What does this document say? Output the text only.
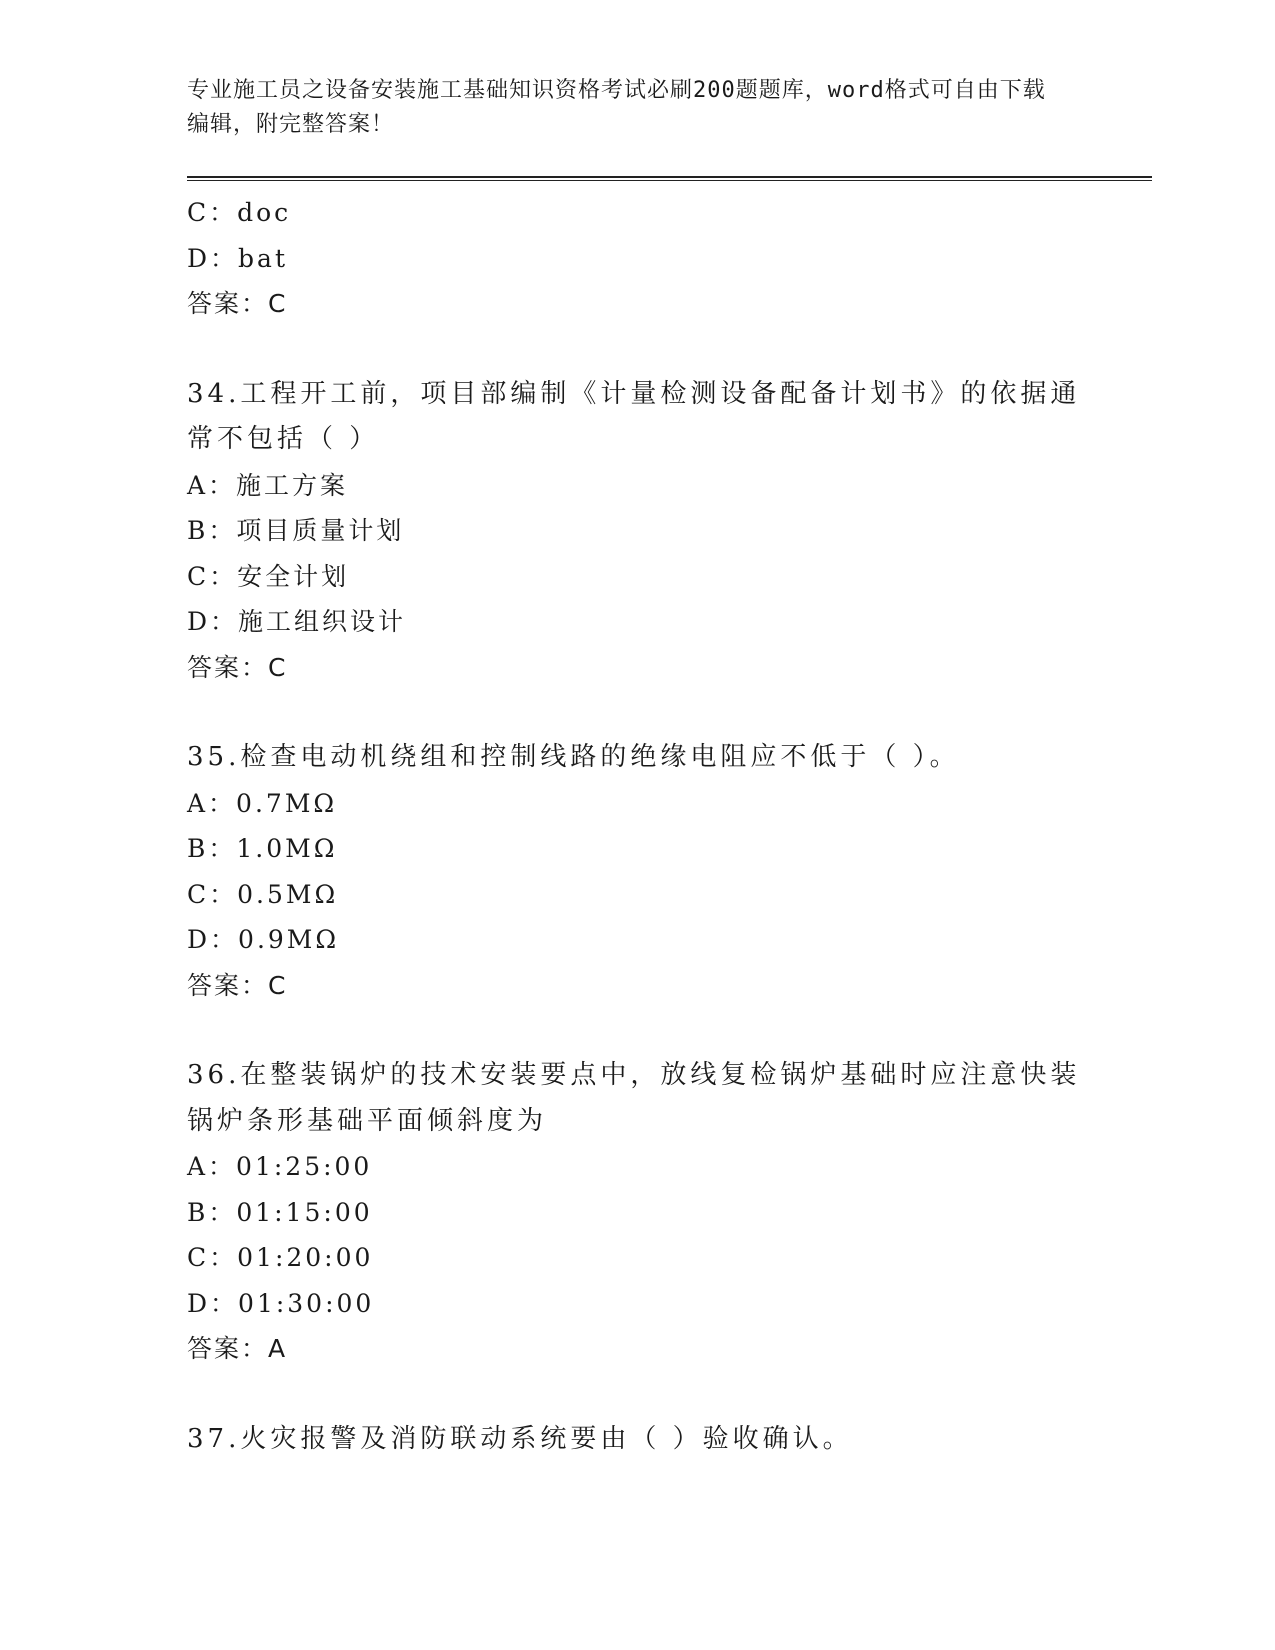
专业施工员之设备安装施工基础知识资格考试必刷200题题库，word格式可自由下载编辑，附完整答案！
C：doc
D：bat
答案：C
34.工程开工前，项目部编制《计量检测设备配备计划书》的依据通常不包括（ ）
A：施工方案
B：项目质量计划
C：安全计划
D：施工组织设计
答案：C
35.检查电动机绕组和控制线路的绝缘电阻应不低于（ ）。
A：0.7MΩ
B：1.0MΩ
C：0.5MΩ
D：0.9MΩ
答案：C
36.在整装锅炉的技术安装要点中，放线复检锅炉基础时应注意快装锅炉条形基础平面倾斜度为
A：01:25:00
B：01:15:00
C：01:20:00
D：01:30:00
答案：A
37.火灾报警及消防联动系统要由（ ）验收确认。
